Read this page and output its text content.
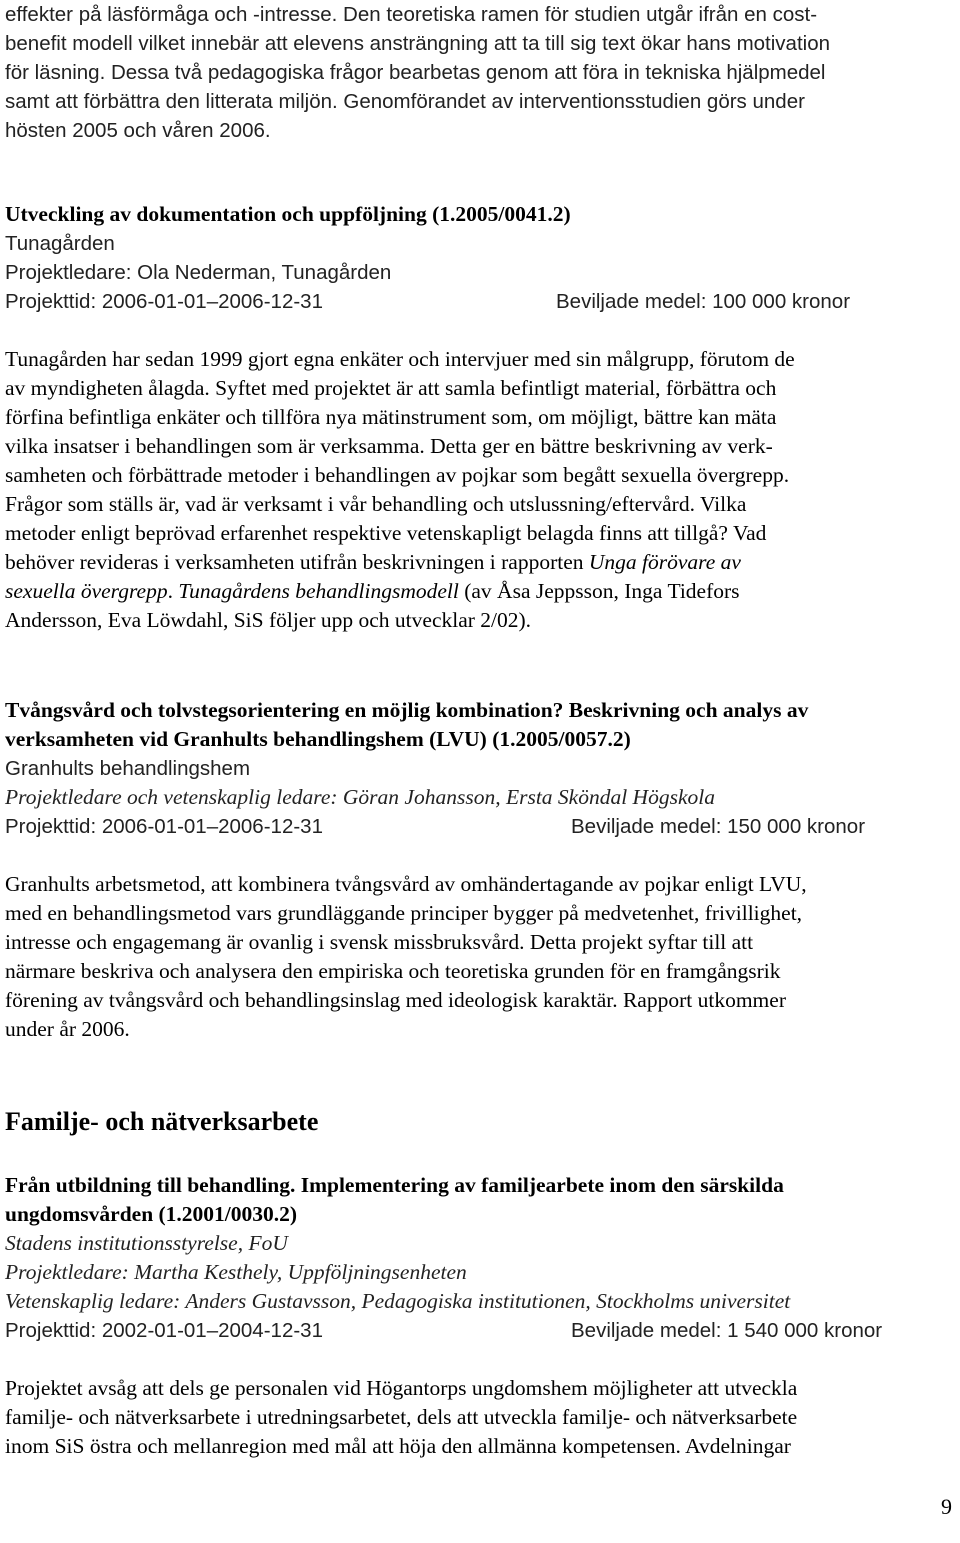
effekter på läsförmåga och -intresse. Den teoretiska ramen för studien utgår ifrån en cost-

benefit modell vilket innebär att elevens ansträngning att ta till sig text ökar hans motivation

för läsning. Dessa två pedagogiska frågor bearbetas genom att föra in tekniska hjälpmedel

samt att förbättra den litterata miljön. Genomförandet av interventionsstudien görs under

hösten 2005 och våren 2006.

Utveckling av dokumentation och uppföljning (1.2005/0041.2)

Tunagården

Projektledare: Ola Nederman, Tunagården

Projekttid: 2006-01-01–2006-12-31	Beviljade medel: 100 000 kronor

Tunagården har sedan 1999 gjort egna enkäter och intervjuer med sin målgrupp, förutom de

av myndigheten ålagda. Syftet med projektet är att samla befintligt material, förbättra och

förfina befintliga enkäter och tillföra nya mätinstrument som, om möjligt, bättre kan mäta

vilka insatser i behandlingen som är verksamma. Detta ger en bättre beskrivning av verk-

samheten och förbättrade metoder i behandlingen av pojkar som begått sexuella övergrepp.

Frågor som ställs är, vad är verksamt i vår behandling och utslussning/eftervård. Vilka

metoder enligt beprövad erfarenhet respektive vetenskapligt belagda finns att tillgå? Vad

behöver revideras i verksamheten utifrån beskrivningen i rapporten Unga förövare av

sexuella övergrepp. Tunagårdens behandlingsmodell (av Åsa Jeppsson, Inga Tidefors

Andersson, Eva Löwdahl, SiS följer upp och utvecklar 2/02).

Tvångsvård och tolvstegsorientering en möjlig kombination? Beskrivning och analys av

verksamheten vid Granhults behandlingshem (LVU) (1.2005/0057.2)

Granhults behandlingshem

Projektledare och vetenskaplig ledare: Göran Johansson, Ersta Sköndal Högskola

Projekttid: 2006-01-01–2006-12-31	Beviljade medel: 150 000 kronor

Granhults arbetsmetod, att kombinera tvångsvård av omhändertagande av pojkar enligt LVU,

med en behandlingsmetod vars grundläggande principer bygger på medvetenhet, frivillighet,

intresse och engagemang är ovanlig i svensk missbruksvård. Detta projekt syftar till att

närmare beskriva och analysera den empiriska och teoretiska grunden för en framgångsrik

förening av tvångsvård och behandlingsinslag med ideologisk karaktär. Rapport utkommer

under år 2006.

Familje- och nätverksarbete

Från utbildning till behandling. Implementering av familjearbete inom den särskilda

ungdomsvården (1.2001/0030.2)

Stadens institutionsstyrelse, FoU

Projektledare: Martha Kesthely, Uppföljningsenheten

Vetenskaplig ledare: Anders Gustavsson, Pedagogiska institutionen, Stockholms universitet

Projekttid: 2002-01-01–2004-12-31	Beviljade medel: 1 540 000 kronor

Projektet avsåg att dels ge personalen vid Högantorps ungdomshem möjligheter att utveckla

familje- och nätverksarbete i utredningsarbetet, dels att utveckla familje- och nätverksarbete

inom SiS östra och mellanregion med mål att höja den allmänna kompetensen. Avdelningar

9
